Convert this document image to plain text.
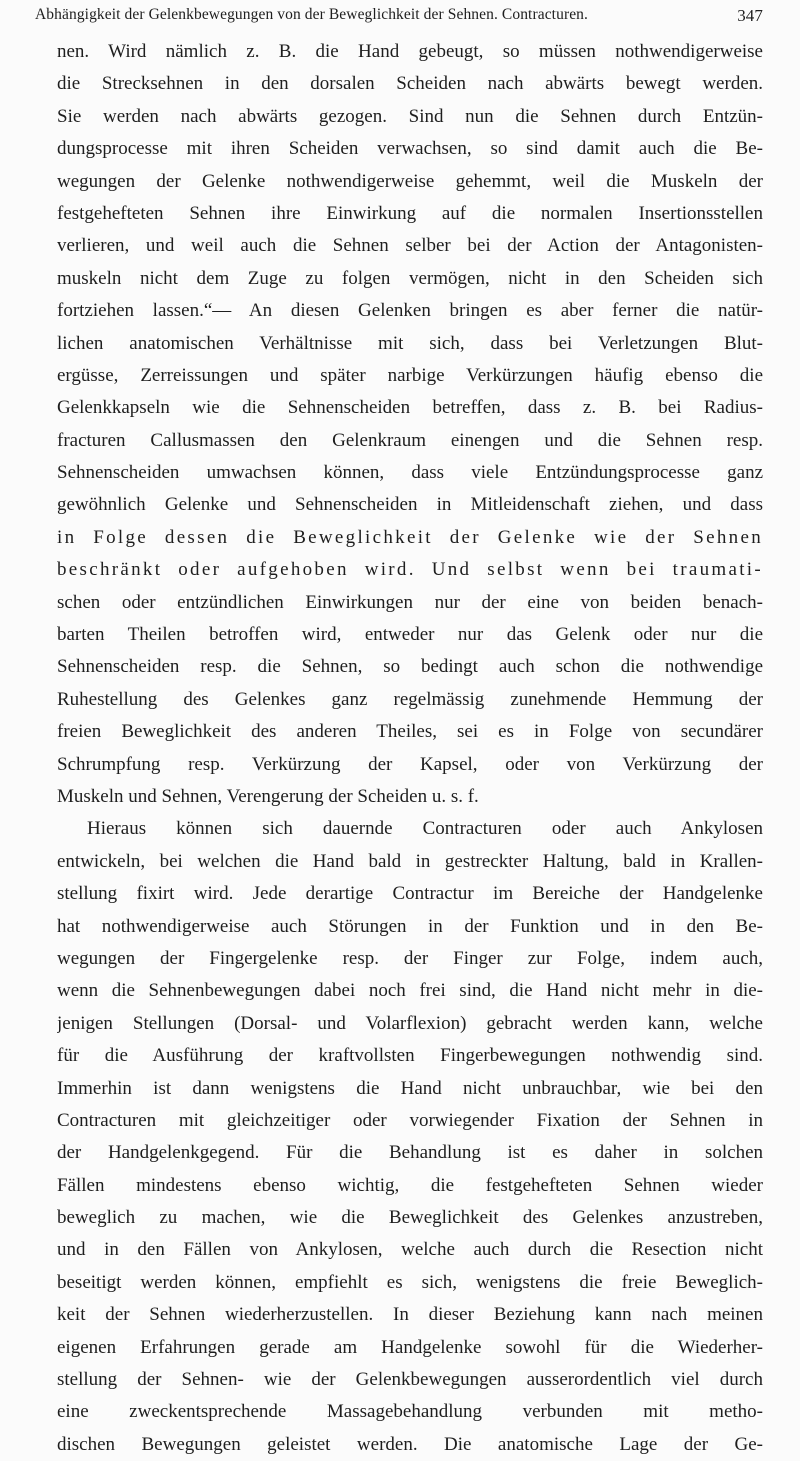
Abhängigkeit der Gelenkbewegungen von der Beweglichkeit der Sehnen. Contracturen.	347
nen. Wird nämlich z. B. die Hand gebeugt, so müssen nothwendigerweise
die Strecksehnen in den dorsalen Scheiden nach abwärts bewegt werden.
Sie werden nach abwärts gezogen. Sind nun die Sehnen durch Entzün-
dungsprocesse mit ihren Scheiden verwachsen, so sind damit auch die Be-
wegungen der Gelenke nothwendigerweise gehemmt, weil die Muskeln der
festgehefteten Sehnen ihre Einwirkung auf die normalen Insertionsstellen
verlieren, und weil auch die Sehnen selber bei der Action der Antagonisten-
muskeln nicht dem Zuge zu folgen vermögen, nicht in den Scheiden sich
fortziehen lassen.“— An diesen Gelenken bringen es aber ferner die natür-
lichen anatomischen Verhältnisse mit sich, dass bei Verletzungen Blut-
ergüsse, Zerreissungen und später narbige Verkürzungen häufig ebenso die
Gelenkkapseln wie die Sehnenscheiden betreffen, dass z. B. bei Radius-
fracturen Callusmassen den Gelenkraum einengen und die Sehnen resp.
Sehnenscheiden umwachsen können, dass viele Entzündungsprocesse ganz
gewöhnlich Gelenke und Sehnenscheiden in Mitleidenschaft ziehen, und dass
in Folge dessen die Beweglichkeit der Gelenke wie der Sehnen
beschränkt oder aufgehoben wird. Und selbst wenn bei traumati-
schen oder entzündlichen Einwirkungen nur der eine von beiden benach-
barten Theilen betroffen wird, entweder nur das Gelenk oder nur die
Sehnenscheiden resp. die Sehnen, so bedingt auch schon die nothwendige
Ruhestellung des Gelenkes ganz regelmässig zunehmende Hemmung der
freien Beweglichkeit des anderen Theiles, sei es in Folge von secundärer
Schrumpfung resp. Verkürzung der Kapsel, oder von Verkürzung der
Muskeln und Sehnen, Verengerung der Scheiden u. s. f.
Hieraus können sich dauernde Contracturen oder auch Ankylosen
entwickeln, bei welchen die Hand bald in gestreckter Haltung, bald in Krallen-
stellung fixirt wird. Jede derartige Contractur im Bereiche der Handgelenke
hat nothwendigerweise auch Störungen in der Funktion und in den Be-
wegungen der Fingergelenke resp. der Finger zur Folge, indem auch,
wenn die Sehnenbewegungen dabei noch frei sind, die Hand nicht mehr in die-
jenigen Stellungen (Dorsal- und Volarflexion) gebracht werden kann, welche
für die Ausführung der kraftvollsten Fingerbewegungen nothwendig sind.
Immerhin ist dann wenigstens die Hand nicht unbrauchbar, wie bei den
Contracturen mit gleichzeitiger oder vorwiegender Fixation der Sehnen in
der Handgelenkgegend. Für die Behandlung ist es daher in solchen
Fällen mindestens ebenso wichtig, die festgehefteten Sehnen wieder
beweglich zu machen, wie die Beweglichkeit des Gelenkes anzustreben,
und in den Fällen von Ankylosen, welche auch durch die Resection nicht
beseitigt werden können, empfiehlt es sich, wenigstens die freie Beweglich-
keit der Sehnen wiederherzustellen. In dieser Beziehung kann nach meinen
eigenen Erfahrungen gerade am Handgelenke sowohl für die Wiederher-
stellung der Sehnen- wie der Gelenkbewegungen ausserordentlich viel durch
eine zweckentsprechende Massagebehandlung verbunden mit metho-
dischen Bewegungen geleistet werden. Die anatomische Lage der Ge-
